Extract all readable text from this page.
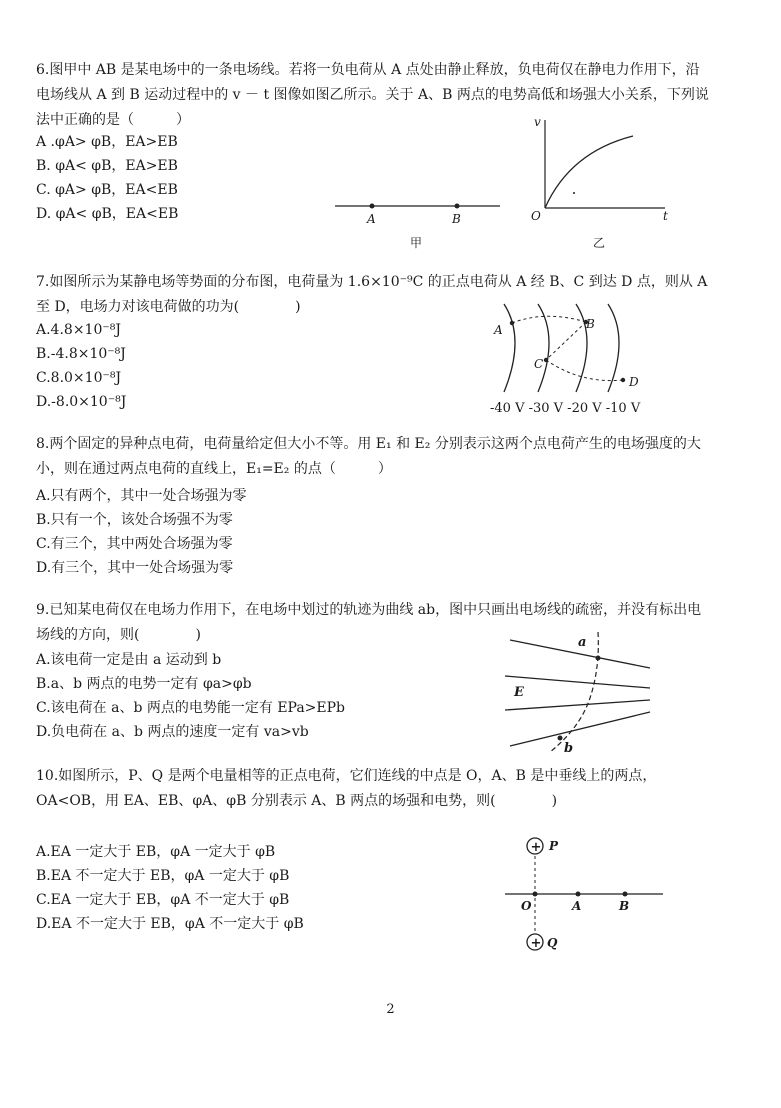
6.图甲中 AB 是某电场中的一条电场线。若将一负电荷从 A 点处由静止释放，负电荷仅在静电力作用下，沿电场线从 A 到 B 运动过程中的 v － t 图像如图乙所示。关于 A、B 两点的电势高低和场强大小关系，下列说法中正确的是（　　　）
A .φA> φB，EA>EB
B. φA< φB，EA>EB
C. φA> φB，EA<EB
D. φA< φB，EA<EB	A	B
甲
v
t
O
乙
7.如图所示为某静电场等势面的分布图，电荷量为 1.6×10⁻⁹C 的正点电荷从 A 经 B、C 到达 D 点，则从 A 至 D，电场力对该电荷做的功为(　　　　)
A.4.8×10⁻⁸J
B.-4.8×10⁻⁸J
C.8.0×10⁻⁸J
D.-8.0×10⁻⁸J
A	B
C
D
-40 V -30 V -20 V -10 V
8.两个固定的异种点电荷，电荷量给定但大小不等。用 E₁ 和 E₂ 分别表示这两个点电荷产生的电场强度的大小，则在通过两点电荷的直线上，E₁=E₂ 的点（　　　）
A.只有两个，其中一处合场强为零
B.只有一个，该处合场强不为零
C.有三个，其中两处合场强为零
D.有三个，其中一处合场强为零
9.已知某电荷仅在电场力作用下，在电场中划过的轨迹为曲线 ab，图中只画出电场线的疏密，并没有标出电场线的方向，则(　　　　)
A.该电荷一定是由 a 运动到 b
B.a、b 两点的电势一定有 φa>φb
C.该电荷在 a、b 两点的电势能一定有 EPa>EPb
D.负电荷在 a、b 两点的速度一定有 va>vb
a
b
E
10.如图所示，P、Q 是两个电量相等的正点电荷，它们连线的中点是 O，A、B 是中垂线上的两点，OA<OB，用 EA、EB、φA、φB 分别表示 A、B 两点的场强和电势，则(　　　　)
A.EA 一定大于 EB，φA 一定大于 φB
B.EA 不一定大于 EB，φA 一定大于 φB
C.EA 一定大于 EB，φA 不一定大于 φB
D.EA 不一定大于 EB，φA 不一定大于 φB
+
+
P
Q
O	A	B
2
